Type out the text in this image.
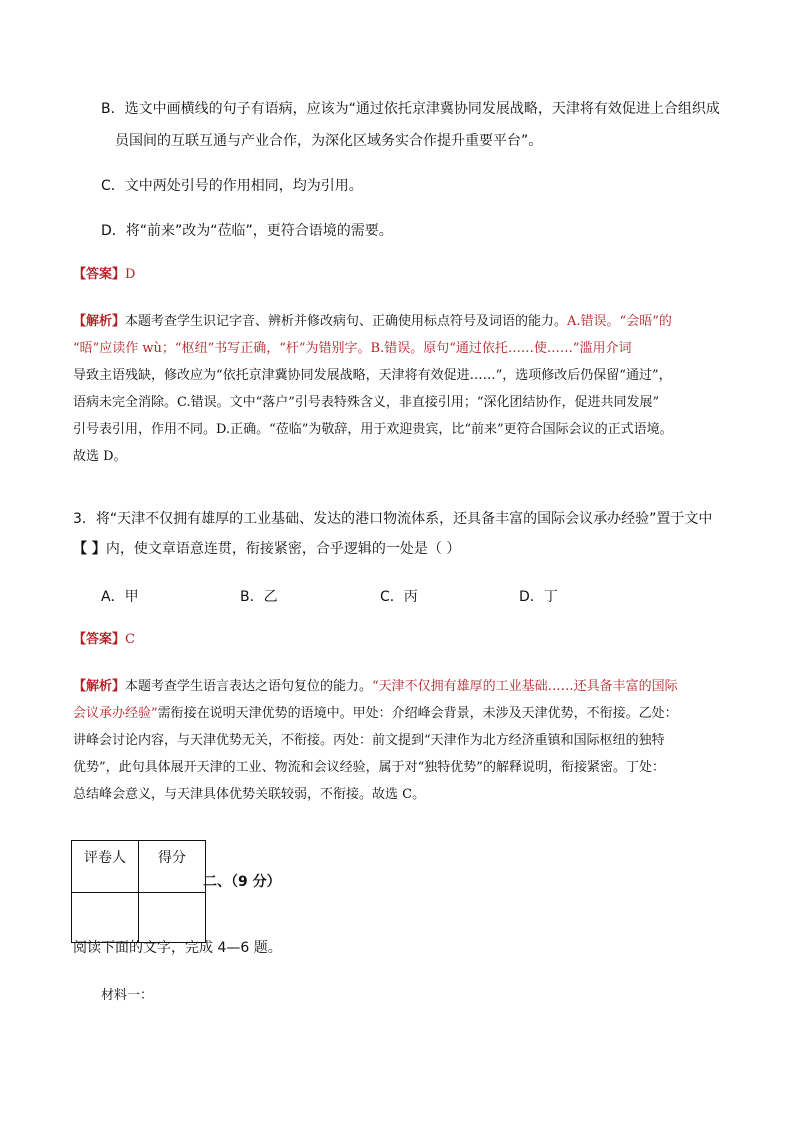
B．选文中画横线的句子有语病，应该为“通过依托京津冀协同发展战略，天津将有效促进上合组织成
员国间的互联互通与产业合作，为深化区域务实合作提升重要平台”。
C．文中两处引号的作用相同，均为引用。
D．将“前来”改为“莅临”，更符合语境的需要。
【答案】D
【解析】本题考查学生识记字音、辨析并修改病句、正确使用标点符号及词语的能力。A.错误。“会晤”的
“晤”应读作 wù；“枢纽”书写正确，“杆”为错别字。B.错误。原句“通过依托……使……”滥用介词
导致主语残缺，修改应为“依托京津冀协同发展战略，天津将有效促进……”，选项修改后仍保留“通过”，
语病未完全消除。C.错误。文中“落户”引号表特殊含义，非直接引用；“深化团结协作，促进共同发展”
引号表引用，作用不同。D.正确。“莅临”为敬辞，用于欢迎贵宾，比“前来”更符合国际会议的正式语境。
故选 D。
3．将“天津不仅拥有雄厚的工业基础、发达的港口物流体系，还具备丰富的国际会议承办经验”置于文中
【 】内，使文章语意连贯，衔接紧密，合乎逻辑的一处是（ ）
A．甲	B．乙	C．丙	D．丁
【答案】C
【解析】本题考查学生语言表达之语句复位的能力。“天津不仅拥有雄厚的工业基础……还具备丰富的国际
会议承办经验”需衔接在说明天津优势的语境中。甲处：介绍峰会背景，未涉及天津优势，不衔接。乙处：
讲峰会讨论内容，与天津优势无关，不衔接。丙处：前文提到“天津作为北方经济重镇和国际枢纽的独特
优势”，此句具体展开天津的工业、物流和会议经验，属于对“独特优势”的解释说明，衔接紧密。丁处：
总结峰会意义，与天津具体优势关联较弱，不衔接。故选 C。
评卷人	得分

二、（9 分）
阅读下面的文字，完成 4—6 题。
材料一：
